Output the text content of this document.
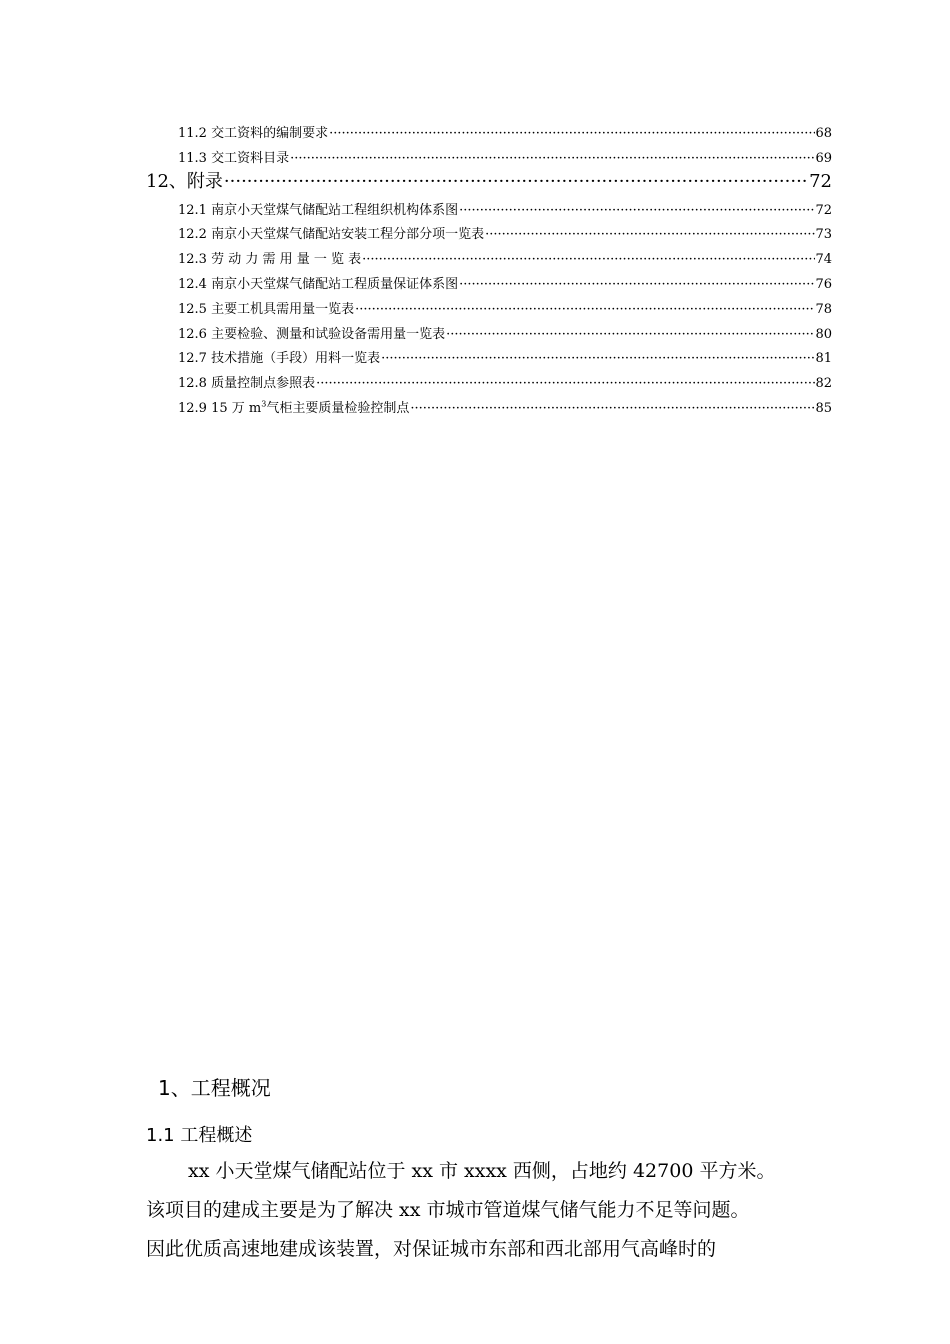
11.2 交工资料的编制要求 ·····	68
11.3 交工资料目录 ·····	69
12、附录 ·····	72
12.1 南京小天堂煤气储配站工程组织机构体系图 ·····	72
12.2 南京小天堂煤气储配站安装工程分部分项一览表 ·····	73
12.3 劳 动 力 需 用 量 一 览 表 ·····	74
12.4 南京小天堂煤气储配站工程质量保证体系图 ·····	76
12.5 主要工机具需用量一览表 ·····	78
12.6 主要检验、测量和试验设备需用量一览表 ·····	80
12.7 技术措施（手段）用料一览表 ·····	81
12.8 质量控制点参照表 ·····	82
12.9 15 万 $m^3$气柜主要质量检验控制点 ·····	85
1、工程概况
1.1 工程概述
xx 小天堂煤气储配站位于 xx 市 xxxx 西侧，占地约 42700 平方米。
该项目的建成主要是为了解决 xx 市城市管道煤气储气能力不足等问题。
因此优质高速地建成该装置，对保证城市东部和西北部用气高峰时的
